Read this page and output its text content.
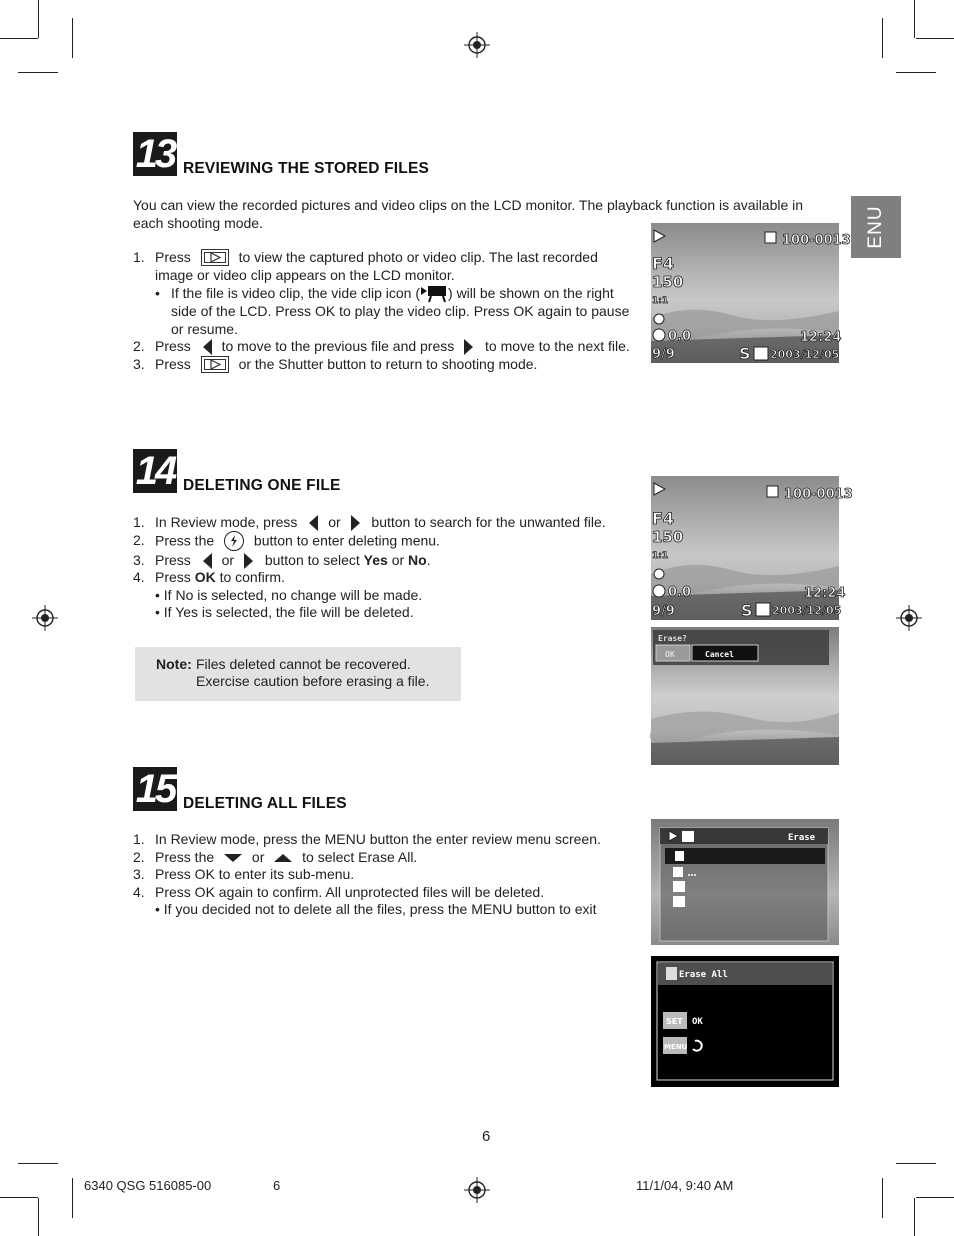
ENU
13 REVIEWING THE STORED FILES
You can view the recorded pictures and video clips on the LCD monitor. The playback function is available in each shooting mode.
1. Press	to view the captured photo or video clip. The last recorded image or video clip appears on the LCD monitor.
• If the file is video clip, the vide clip icon ( ) will be shown on the right side of the LCD. Press OK to play the video clip. Press OK again to pause or resume.
2. Press to move to the previous file and press to move to the next file.
3. Press	or the Shutter button to return to shooting mode.
100-0013
F4
150
1:1
0.0	12:24
9/9	S 2003/12/05
14 DELETING ONE FILE
1. In Review mode, press or button to search for the unwanted file.
2. Press the	button to enter deleting menu.
3. Press or button to select Yes or No.
4. Press OK to confirm.
• If No is selected, no change will be made.
• If Yes is selected, the file will be deleted.
Note: Files deleted cannot be recovered.
Exercise caution before erasing a file.
100-0013
F4
150
1:1
0.0	12:24
9/9	S 2003/12/05
Erase?
OK	Cancel
15 DELETING ALL FILES
1. In Review mode, press the MENU button the enter review menu screen.
2. Press the	or	to select Erase All.
3. Press OK to enter its sub-menu.
4. Press OK again to confirm. All unprotected files will be deleted.
• If you decided not to delete all the files, press the MENU button to exit
Erase
Erase All
SET OK
MENU
6
6340 QSG 516085-00	6	11/1/04, 9:40 AM
